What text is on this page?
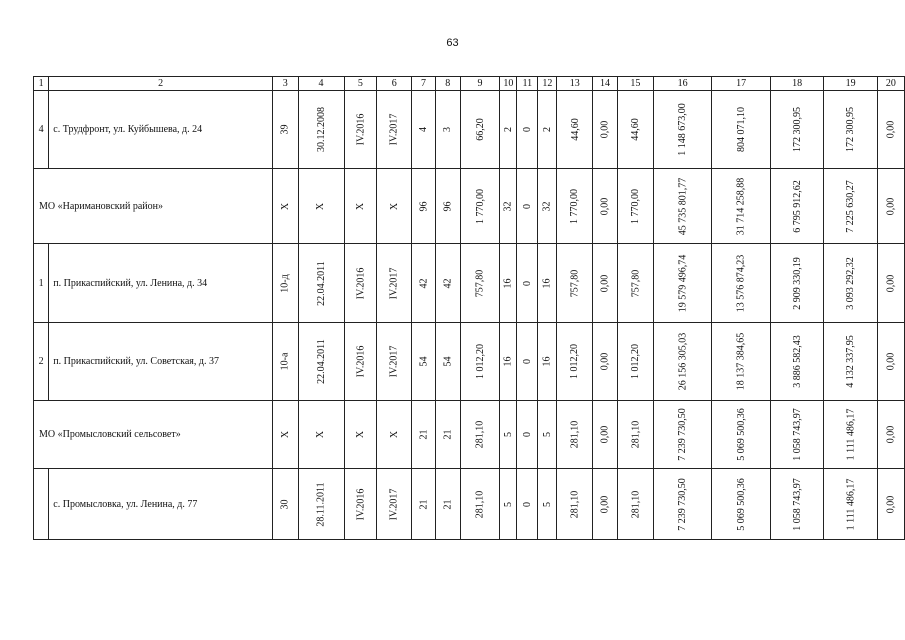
63
1	2	3	4	5	6	7	8	9	10	11	12	13	14	15	16	17	18	19	20
4	с. Трудфронт, ул. Куйбышева, д. 24	39	30.12.2008	IV.2016	IV.2017	4	3	66,20	2	0	2	44,60	0,00	44,60	1 148 673,00	804 071,10	172 300,95	172 300,95	0,00
МО «Наримановский район»		Х	Х	Х	Х	96	96	1 770,00	32	0	32	1 770,00	0,00	1 770,00	45 735 801,77	31 714 258,88	6 795 912,62	7 225 630,27	0,00
1	п. Прикаспийский, ул. Ленина, д. 34	10-д	22.04.2011	IV.2016	IV.2017	42	42	757,80	16	0	16	757,80	0,00	757,80	19 579 496,74	13 576 874,23	2 909 330,19	3 093 292,32	0,00
2	п. Прикаспийский, ул. Советская, д. 37	10-а	22.04.2011	IV.2016	IV.2017	54	54	1 012,20	16	0	16	1 012,20	0,00	1 012,20	26 156 305,03	18 137 384,65	3 886 582,43	4 132 337,95	0,00
МО «Промысловский сельсовет»		Х	Х	Х	Х	21	21	281,10	5	0	5	281,10	0,00	281,10	7 239 730,50	5 069 500,36	1 058 743,97	1 111 486,17	0,00
	с. Промысловка, ул. Ленина, д. 77	30	28.11.2011	IV.2016	IV.2017	21	21	281,10	5	0	5	281,10	0,00	281,10	7 239 730,50	5 069 500,36	1 058 743,97	1 111 486,17	0,00
